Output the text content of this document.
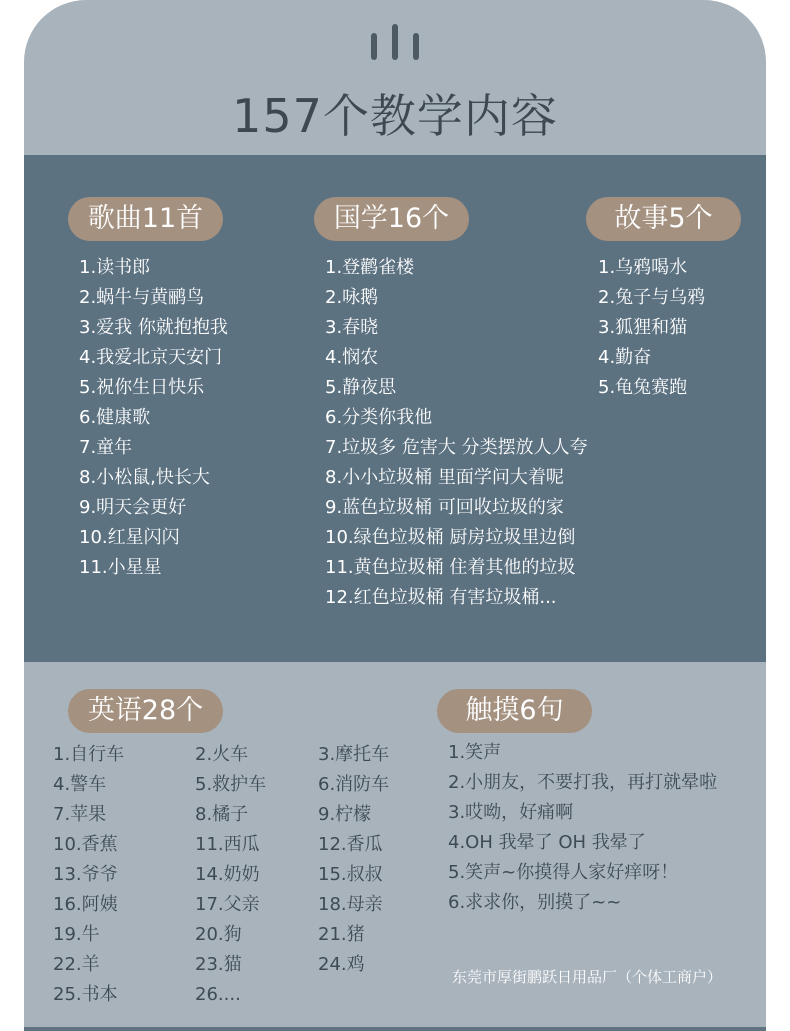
157个教学内容
歌曲11首
1.读书郎
2.蜗牛与黄鹂鸟
3.爱我 你就抱抱我
4.我爱北京天安门
5.祝你生日快乐
6.健康歌
7.童年
8.小松鼠,快长大
9.明天会更好
10.红星闪闪
11.小星星
国学16个
1.登鹳雀楼
2.咏鹅
3.春晓
4.悯农
5.静夜思
6.分类你我他
7.垃圾多 危害大 分类摆放人人夸
8.小小垃圾桶 里面学问大着呢
9.蓝色垃圾桶 可回收垃圾的家
10.绿色垃圾桶 厨房垃圾里边倒
11.黄色垃圾桶 住着其他的垃圾
12.红色垃圾桶 有害垃圾桶...
故事5个
1.乌鸦喝水
2.兔子与乌鸦
3.狐狸和猫
4.勤奋
5.龟兔赛跑
英语28个
1.自行车
4.警车
7.苹果
10.香蕉
13.爷爷
16.阿姨
19.牛
22.羊
25.书本
2.火车
5.救护车
8.橘子
11.西瓜
14.奶奶
17.父亲
20.狗
23.猫
26....
3.摩托车
6.消防车
9.柠檬
12.香瓜
15.叔叔
18.母亲
21.猪
24.鸡
触摸6句
1.笑声
2.小朋友，不要打我，再打就晕啦
3.哎呦，好痛啊
4.OH 我晕了 OH 我晕了
5.笑声~你摸得人家好痒呀！
6.求求你，别摸了~~
东莞市厚街鹏跃日用品厂（个体工商户）
